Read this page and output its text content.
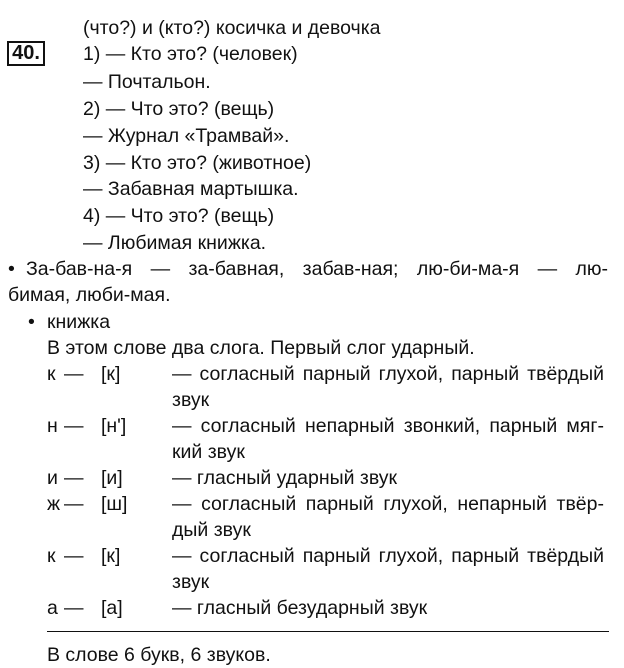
(что?) и (кто?) косичка и девочка
40. 1) — Кто это? (человек)
— Почтальон.
2) — Что это? (вещь)
— Журнал «Трамвай».
3) — Кто это? (животное)
— Забавная мартышка.
4) — Что это? (вещь)
— Любимая книжка.
• За-бав-на-я — за-бавная, забав-ная; лю-би-ма-я — лю-
бимая, люби-мая.
• книжка
В этом слове два слога. Первый слог ударный.
к — [к]	— согласный парный глухой, парный твёрдый
звук
н — [н'] — согласный непарный звонкий, парный мяг-
кий звук
и — [и]	— гласный ударный звук
ж — [ш] — согласный парный глухой, непарный твёр-
дый звук
к — [к]	— согласный парный глухой, парный твёрдый
звук
а — [а]	— гласный безударный звук
В слове 6 букв, 6 звуков.
